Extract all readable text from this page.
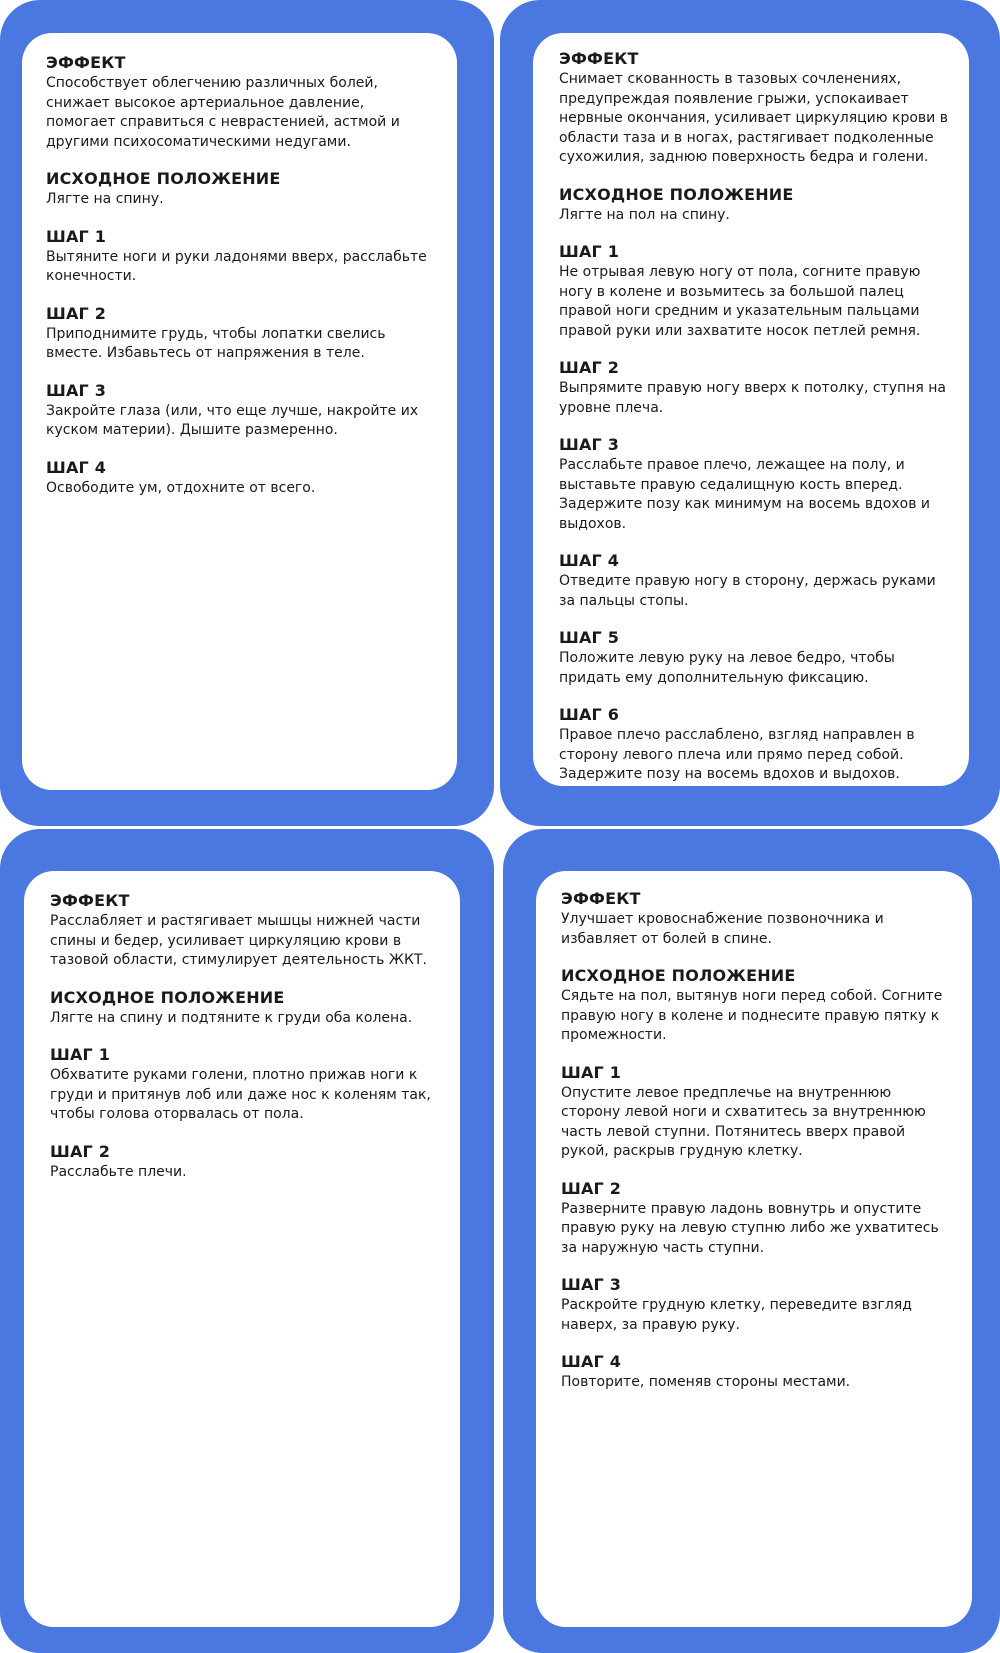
ЭФФЕКТ

Способствует облегчению различных болей, снижает высокое артериальное давление, помогает справиться с неврастенией, астмой и другими психосоматическими недугами.

ИСХОДНОЕ ПОЛОЖЕНИЕ

Лягте на спину.

ШАГ 1

Вытяните ноги и руки ладонями вверх, расслабьте конечности.

ШАГ 2

Приподнимите грудь, чтобы лопатки свелись вместе. Избавьтесь от напряжения в теле.

ШАГ 3

Закройте глаза (или, что еще лучше, накройте их куском материи). Дышите размеренно.

ШАГ 4

Освободите ум, отдохните от всего.

ЭФФЕКТ

Снимает скованность в тазовых сочленениях, предупреждая появление грыжи, успокаивает нервные окончания, усиливает циркуляцию крови в области таза и в ногах, растягивает подколенные сухожилия, заднюю поверхность бедра и голени.

ИСХОДНОЕ ПОЛОЖЕНИЕ

Лягте на пол на спину.

ШАГ 1

Не отрывая левую ногу от пола, согните правую ногу в колене и возьмитесь за большой палец правой ноги средним и указательным пальцами правой руки или захватите носок петлей ремня.

ШАГ 2

Выпрямите правую ногу вверх к потолку, ступня на уровне плеча.

ШАГ 3

Расслабьте правое плечо, лежащее на полу, и выставьте правую седалищную кость вперед. Задержите позу как минимум на восемь вдохов и выдохов.

ШАГ 4

Отведите правую ногу в сторону, держась руками за пальцы стопы.

ШАГ 5

Положите левую руку на левое бедро, чтобы придать ему дополнительную фиксацию.

ШАГ 6

Правое плечо расслаблено, взгляд направлен в сторону левого плеча или прямо перед собой. Задержите позу на восемь вдохов и выдохов.

ЭФФЕКТ

Расслабляет и растягивает мышцы нижней части спины и бедер, усиливает циркуляцию крови в тазовой области, стимулирует деятельность ЖКТ.

ИСХОДНОЕ ПОЛОЖЕНИЕ

Лягте на спину и подтяните к груди оба колена.

ШАГ 1

Обхватите руками голени, плотно прижав ноги к груди и притянув лоб или даже нос к коленям так, чтобы голова оторвалась от пола.

ШАГ 2

Расслабьте плечи.

ЭФФЕКТ

Улучшает кровоснабжение позвоночника и избавляет от болей в спине.

ИСХОДНОЕ ПОЛОЖЕНИЕ

Сядьте на пол, вытянув ноги перед собой. Согните правую ногу в колене и поднесите правую пятку к промежности.

ШАГ 1

Опустите левое предплечье на внутреннюю сторону левой ноги и схватитесь за внутреннюю часть левой ступни. Потянитесь вверх правой рукой, раскрыв грудную клетку.

ШАГ 2

Разверните правую ладонь вовнутрь и опустите правую руку на левую ступню либо же ухватитесь за наружную часть ступни.

ШАГ 3

Раскройте грудную клетку, переведите взгляд наверх, за правую руку.

ШАГ 4

Повторите, поменяв стороны местами.
